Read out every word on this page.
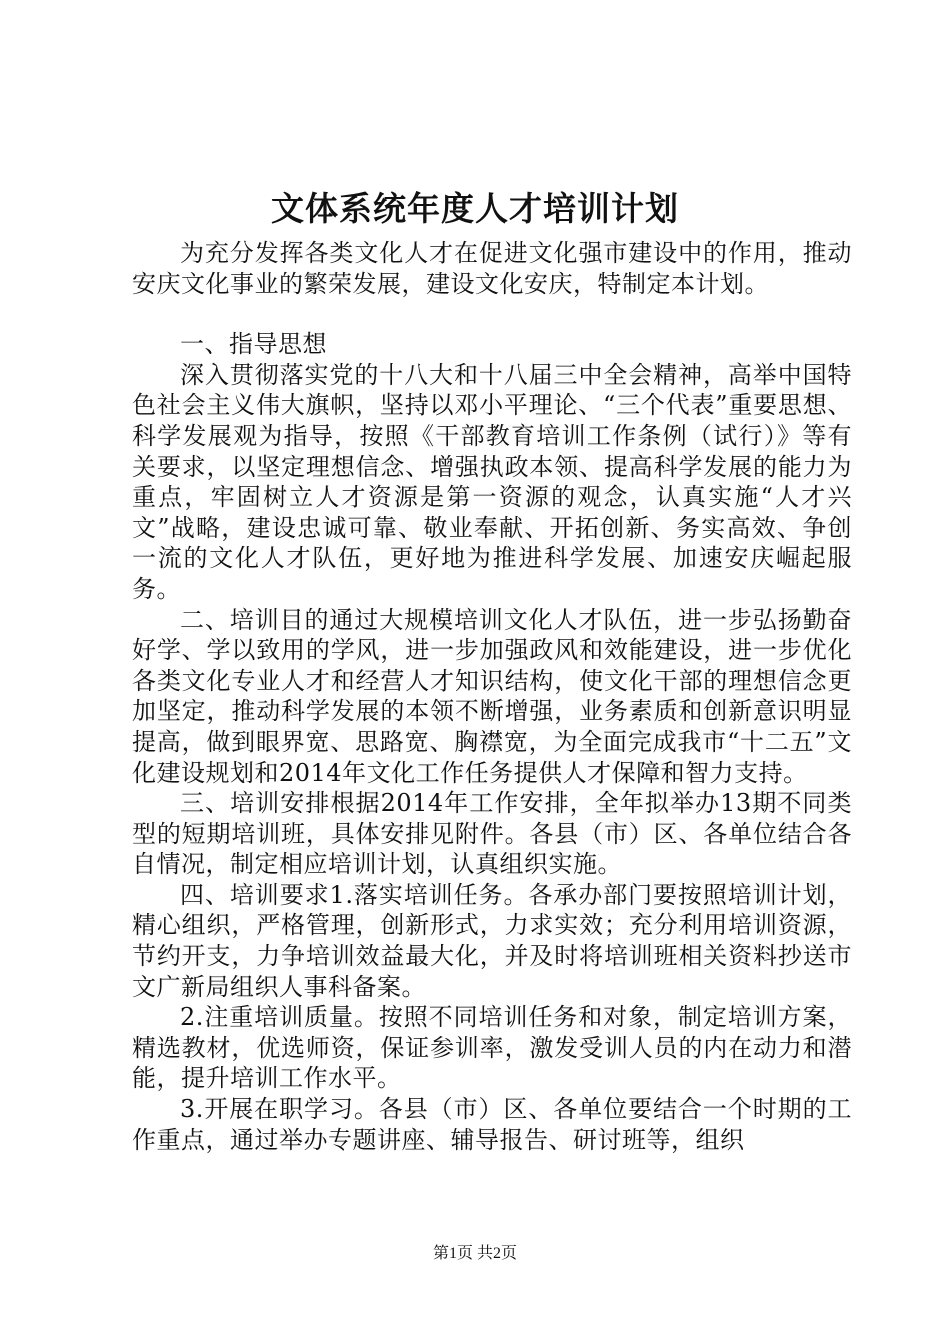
文体系统年度人才培训计划

为充分发挥各类文化人才在促进文化强市建设中的作用，推动安庆文化事业的繁荣发展，建设文化安庆，特制定本计划。

一、指导思想

深入贯彻落实党的十八大和十八届三中全会精神，高举中国特色社会主义伟大旗帜，坚持以邓小平理论、“三个代表”重要思想、科学发展观为指导，按照《干部教育培训工作条例（试行）》等有关要求，以坚定理想信念、增强执政本领、提高科学发展的能力为重点，牢固树立人才资源是第一资源的观念，认真实施“人才兴文”战略，建设忠诚可靠、敬业奉献、开拓创新、务实高效、争创一流的文化人才队伍，更好地为推进科学发展、加速安庆崛起服务。

二、培训目的通过大规模培训文化人才队伍，进一步弘扬勤奋好学、学以致用的学风，进一步加强政风和效能建设，进一步优化各类文化专业人才和经营人才知识结构，使文化干部的理想信念更加坚定，推动科学发展的本领不断增强，业务素质和创新意识明显提高，做到眼界宽、思路宽、胸襟宽，为全面完成我市“十二五”文化建设规划和2014年文化工作任务提供人才保障和智力支持。

三、培训安排根据2014年工作安排，全年拟举办13期不同类型的短期培训班，具体安排见附件。各县（市）区、各单位结合各自情况，制定相应培训计划，认真组织实施。

四、培训要求1.落实培训任务。各承办部门要按照培训计划，精心组织，严格管理，创新形式，力求实效；充分利用培训资源，节约开支，力争培训效益最大化，并及时将培训班相关资料抄送市文广新局组织人事科备案。

2.注重培训质量。按照不同培训任务和对象，制定培训方案，精选教材，优选师资，保证参训率，激发受训人员的内在动力和潜能，提升培训工作水平。

3.开展在职学习。各县（市）区、各单位要结合一个时期的工作重点，通过举办专题讲座、辅导报告、研讨班等，组织

第1页 共2页
